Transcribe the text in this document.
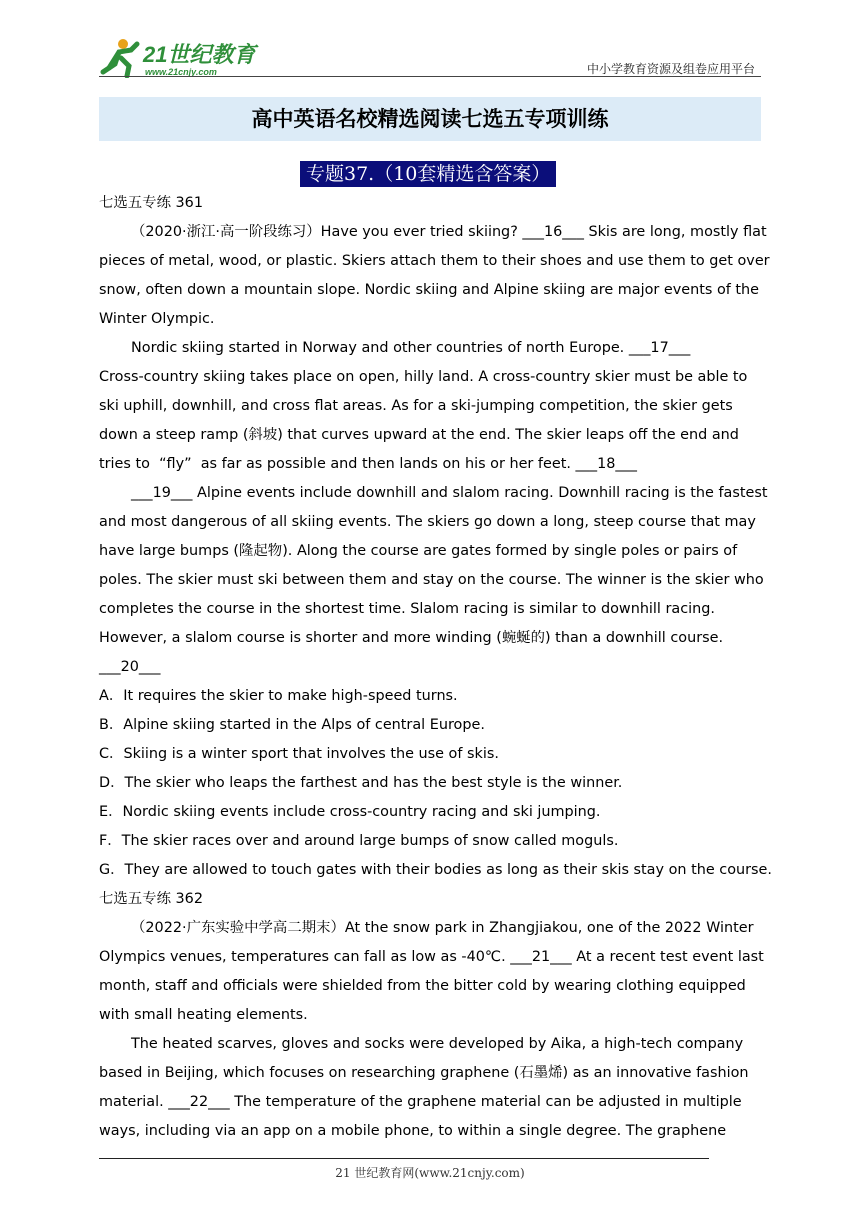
21世纪教育
www.21cnjy.com	中小学教育资源及组卷应用平台
高中英语名校精选阅读七选五专项训练
专题37.（10套精选含答案）
七选五专练 361
（2020·浙江·高一阶段练习）Have you ever tried skiing? ___16___ Skis are long, mostly flat
pieces of metal, wood, or plastic. Skiers attach them to their shoes and use them to get over
snow, often down a mountain slope. Nordic skiing and Alpine skiing are major events of the
Winter Olympic.
Nordic skiing started in Norway and other countries of north Europe. ___17___
Cross-country skiing takes place on open, hilly land. A cross-country skier must be able to
ski uphill, downhill, and cross flat areas. As for a ski-jumping competition, the skier gets
down a steep ramp (斜坡) that curves upward at the end. The skier leaps off the end and
tries to  “fly”  as far as possible and then lands on his or her feet. ___18___
___19___ Alpine events include downhill and slalom racing. Downhill racing is the fastest
and most dangerous of all skiing events. The skiers go down a long, steep course that may
have large bumps (隆起物). Along the course are gates formed by single poles or pairs of
poles. The skier must ski between them and stay on the course. The winner is the skier who
completes the course in the shortest time. Slalom racing is similar to downhill racing.
However, a slalom course is shorter and more winding (蜿蜒的) than a downhill course.
___20___
A．It requires the skier to make high-speed turns.
B．Alpine skiing started in the Alps of central Europe.
C．Skiing is a winter sport that involves the use of skis.
D．The skier who leaps the farthest and has the best style is the winner.
E．Nordic skiing events include cross-country racing and ski jumping.
F．The skier races over and around large bumps of snow called moguls.
G．They are allowed to touch gates with their bodies as long as their skis stay on the course.
七选五专练 362
（2022·广东实验中学高二期末）At the snow park in Zhangjiakou, one of the 2022 Winter
Olympics venues, temperatures can fall as low as -40℃. ___21___ At a recent test event last
month, staff and officials were shielded from the bitter cold by wearing clothing equipped
with small heating elements.
The heated scarves, gloves and socks were developed by Aika, a high-tech company
based in Beijing, which focuses on researching graphene (石墨烯) as an innovative fashion
material. ___22___ The temperature of the graphene material can be adjusted in multiple
ways, including via an app on a mobile phone, to within a single degree. The graphene
21 世纪教育网(www.21cnjy.com)
